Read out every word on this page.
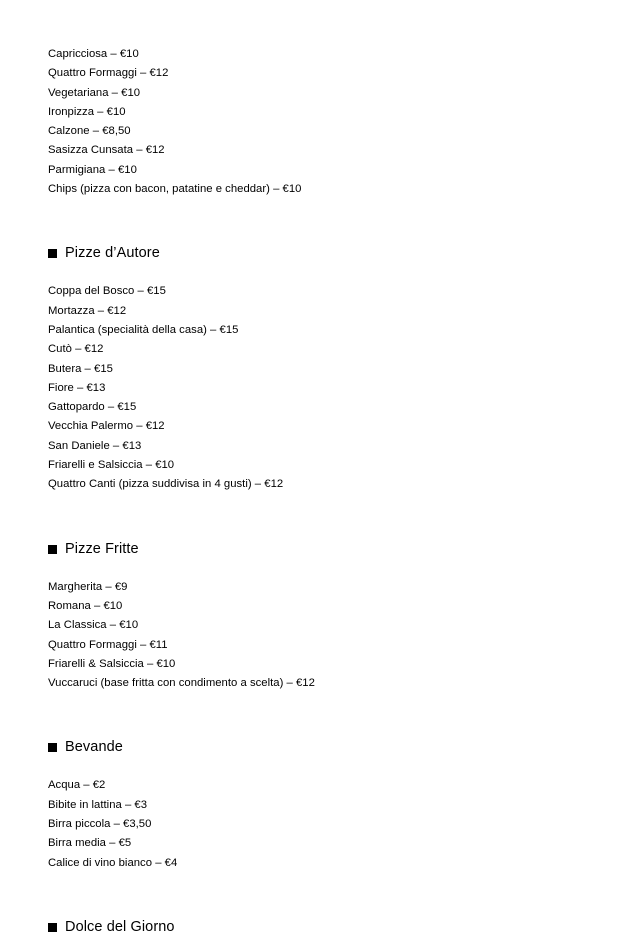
Capricciosa – €10
Quattro Formaggi – €12
Vegetariana – €10
Ironpizza – €10
Calzone – €8,50
Sasizza Cunsata – €12
Parmigiana – €10
Chips (pizza con bacon, patatine e cheddar) – €10
Pizze d’Autore
Coppa del Bosco – €15
Mortazza – €12
Palantica (specialità della casa) – €15
Cutò – €12
Butera – €15
Fiore – €13
Gattopardo – €15
Vecchia Palermo – €12
San Daniele – €13
Friarelli e Salsiccia – €10
Quattro Canti (pizza suddivisa in 4 gusti) – €12
Pizze Fritte
Margherita – €9
Romana – €10
La Classica – €10
Quattro Formaggi – €11
Friarelli & Salsiccia – €10
Vuccaruci (base fritta con condimento a scelta) – €12
Bevande
Acqua – €2
Bibite in lattina – €3
Birra piccola – €3,50
Birra media – €5
Calice di vino bianco – €4
Dolce del Giorno
